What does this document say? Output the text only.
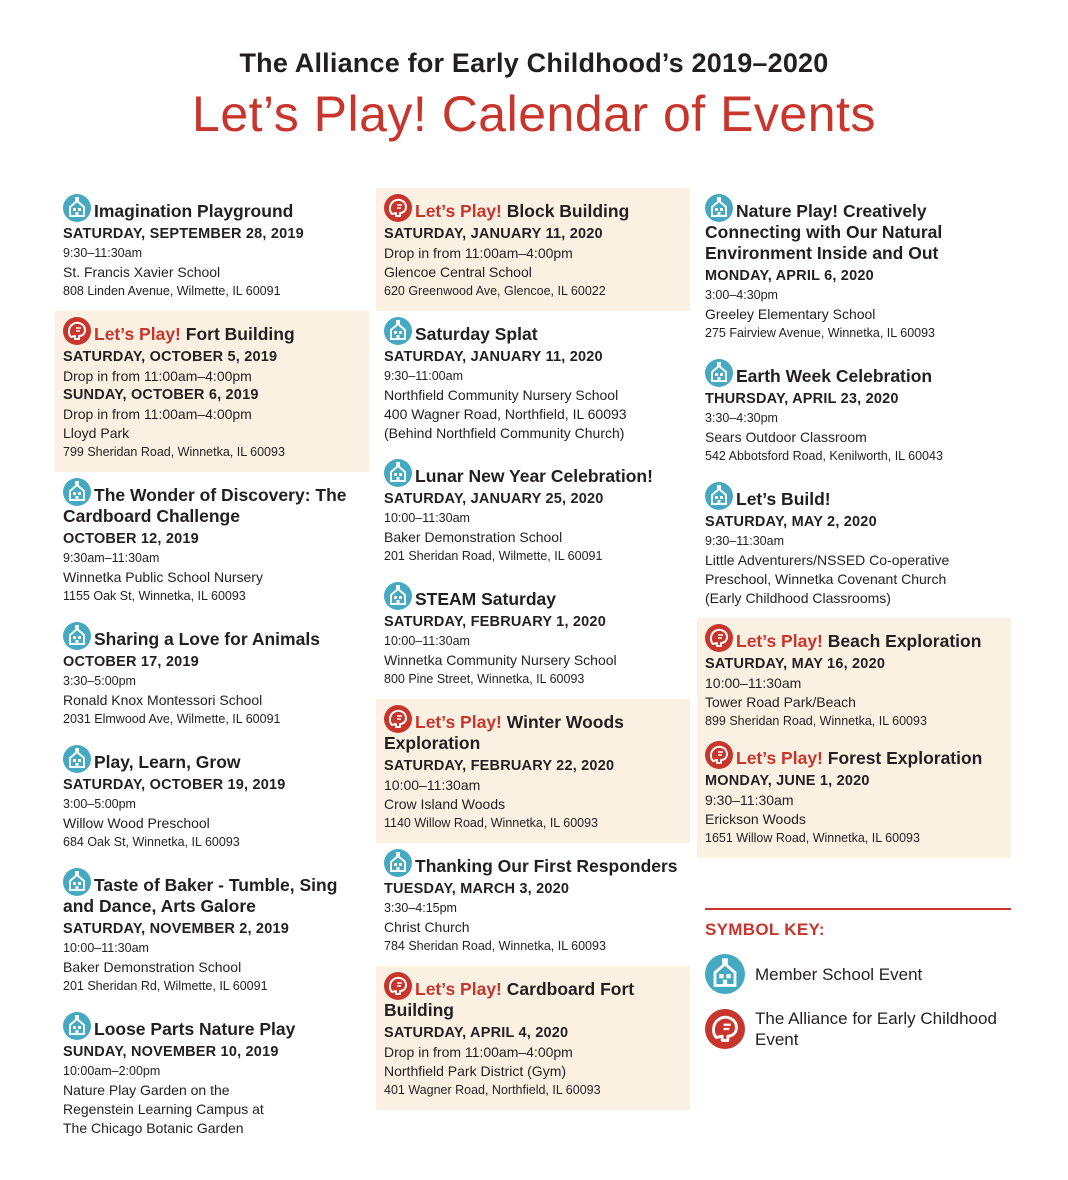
The Alliance for Early Childhood’s 2019–2020
Let’s Play! Calendar of Events
Imagination Playground
SATURDAY, SEPTEMBER 28, 2019
9:30–11:30am
St. Francis Xavier School
808 Linden Avenue, Wilmette, IL 60091
Let’s Play! Fort Building
SATURDAY, OCTOBER 5, 2019
Drop in from 11:00am–4:00pm
SUNDAY, OCTOBER 6, 2019
Drop in from 11:00am–4:00pm
Lloyd Park
799 Sheridan Road, Winnetka, IL 60093
The Wonder of Discovery: The Cardboard Challenge
OCTOBER 12, 2019
9:30am–11:30am
Winnetka Public School Nursery
1155 Oak St, Winnetka, IL 60093
Sharing a Love for Animals
OCTOBER 17, 2019
3:30–5:00pm
Ronald Knox Montessori School
2031 Elmwood Ave, Wilmette, IL 60091
Play, Learn, Grow
SATURDAY, OCTOBER 19, 2019
3:00–5:00pm
Willow Wood Preschool
684 Oak St, Winnetka, IL 60093
Taste of Baker - Tumble, Sing and Dance, Arts Galore
SATURDAY, NOVEMBER 2, 2019
10:00–11:30am
Baker Demonstration School
201 Sheridan Rd, Wilmette, IL 60091
Loose Parts Nature Play
SUNDAY, NOVEMBER 10, 2019
10:00am–2:00pm
Nature Play Garden on the
Regenstein Learning Campus at
The Chicago Botanic Garden
Let’s Play! Block Building
SATURDAY, JANUARY 11, 2020
Drop in from 11:00am–4:00pm
Glencoe Central School
620 Greenwood Ave, Glencoe, IL 60022
Saturday Splat
SATURDAY, JANUARY 11, 2020
9:30–11:00am
Northfield Community Nursery School
400 Wagner Road, Northfield, IL 60093
(Behind Northfield Community Church)
Lunar New Year Celebration!
SATURDAY, JANUARY 25, 2020
10:00–11:30am
Baker Demonstration School
201 Sheridan Road, Wilmette, IL 60091
STEAM Saturday
SATURDAY, FEBRUARY 1, 2020
10:00–11:30am
Winnetka Community Nursery School
800 Pine Street, Winnetka, IL 60093
Let’s Play! Winter Woods Exploration
SATURDAY, FEBRUARY 22, 2020
10:00–11:30am
Crow Island Woods
1140 Willow Road, Winnetka, IL 60093
Thanking Our First Responders
TUESDAY, MARCH 3, 2020
3:30–4:15pm
Christ Church
784 Sheridan Road, Winnetka, IL 60093
Let’s Play! Cardboard Fort Building
SATURDAY, APRIL 4, 2020
Drop in from 11:00am–4:00pm
Northfield Park District (Gym)
401 Wagner Road, Northfield, IL 60093
Nature Play! Creatively Connecting with Our Natural Environment Inside and Out
MONDAY, APRIL 6, 2020
3:00–4:30pm
Greeley Elementary School
275 Fairview Avenue, Winnetka, IL 60093
Earth Week Celebration
THURSDAY, APRIL 23, 2020
3:30–4:30pm
Sears Outdoor Classroom
542 Abbotsford Road, Kenilworth, IL 60043
Let’s Build!
SATURDAY, MAY 2, 2020
9:30–11:30am
Little Adventurers/NSSED Co-operative
Preschool, Winnetka Covenant Church
(Early Childhood Classrooms)
Let’s Play! Beach Exploration
SATURDAY, MAY 16, 2020
10:00–11:30am
Tower Road Park/Beach
899 Sheridan Road, Winnetka, IL 60093
Let’s Play! Forest Exploration
MONDAY, JUNE 1, 2020
9:30–11:30am
Erickson Woods
1651 Willow Road, Winnetka, IL 60093
SYMBOL KEY:
Member School Event
The Alliance for Early Childhood Event
